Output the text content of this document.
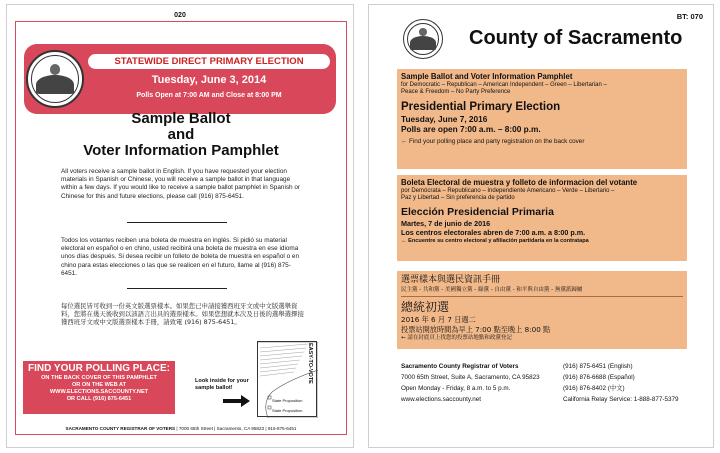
020
STATEWIDE DIRECT PRIMARY ELECTION
Tuesday, June 3, 2014
Polls Open at 7:00 AM and Close at 8:00 PM
Sample Ballot
and
Voter Information Pamphlet
All voters receive a sample ballot in English. If you have requested your election materials in Spanish or Chinese, you will receive a sample ballot in that language within a few days. If you would like to receive a sample ballot pamphlet in Spanish or Chinese for this and future elections, please call (916) 875-6451.
Todos los votantes reciben una boleta de muestra en inglés. Si pidió su material electoral en español o en chino, usted recibirá una boleta de muestra en ese idioma unos días después. Si desea recibir un folleto de boleta de muestra en español o en chino para estas elecciones o las que se realicen en el futuro, llame al (916) 875-6451.
每位選民皆可收到一份英文版選票樣本。如果您已申請接獲西班牙文或中文版選舉資料，您將在幾天後收到以該語言出具的選票樣本。如果您想就本次及日後的選舉選擇接獲西班牙文或中文版選票樣本手冊，請致電 (916) 875-6451。
FIND YOUR POLLING PLACE:
ON THE BACK COVER OF THIS PAMPHLET
OR ON THE WEB AT
WWW.ELECTIONS.SACCOUNTY.NET
OR CALL (916) 875-6451
Look inside for your sample ballot!
State Proposition
State Proposition
EASY-TO-VOTE
SACRAMENTO COUNTY REGISTRAR OF VOTERS | 7000 65th Street | Sacramento, CA 95823 | 916-875-6451
BT: 070
County of Sacramento
Sample Ballot and Voter Information Pamphlet
for Democratic – Republican – American Independent – Green – Libertarian –
Peace & Freedom – No Party Preference
Presidential Primary Election
Tuesday, June 7, 2016
Polls are open 7:00 a.m. – 8:00 p.m.
← Find your polling place and party registration on the back cover
Boleta Electoral de muestra y folleto de informacion del votante
por Demócrata – Republicano – Independiente Americano – Verde – Libertario –
Paz y Libertad – Sin preferencia de partido
Elección Presidencial Primaria
Martes, 7 de junio de 2016
Los centros electorales abren de 7:00 a.m. a 8:00 p.m.
← Encuentre su centro electoral y afiliación partidaria en la contratapa
選票樣本與選民資訊手冊
民主黨 - 共和黨 - 美國獨立黨 - 綠黨 - 自由黨 - 和平與自由黨 - 無黨派歸屬
總統初選
2016 年 6 月 7 日週二
投票站開放時間為早上 7:00 點至晚上 8:00 點
← 請在封底頁上找您的投票站地點和政黨登記
Sacramento County Registrar of Voters
7000 65th Street, Suite A, Sacramento, CA 95823
Open Monday - Friday, 8 a.m. to 5 p.m.
www.elections.saccounty.net
(916) 875-6451 (English)
(916) 876-6688 (Español)
(916) 876-8402 (中文)
California Relay Service: 1-888-877-5379
